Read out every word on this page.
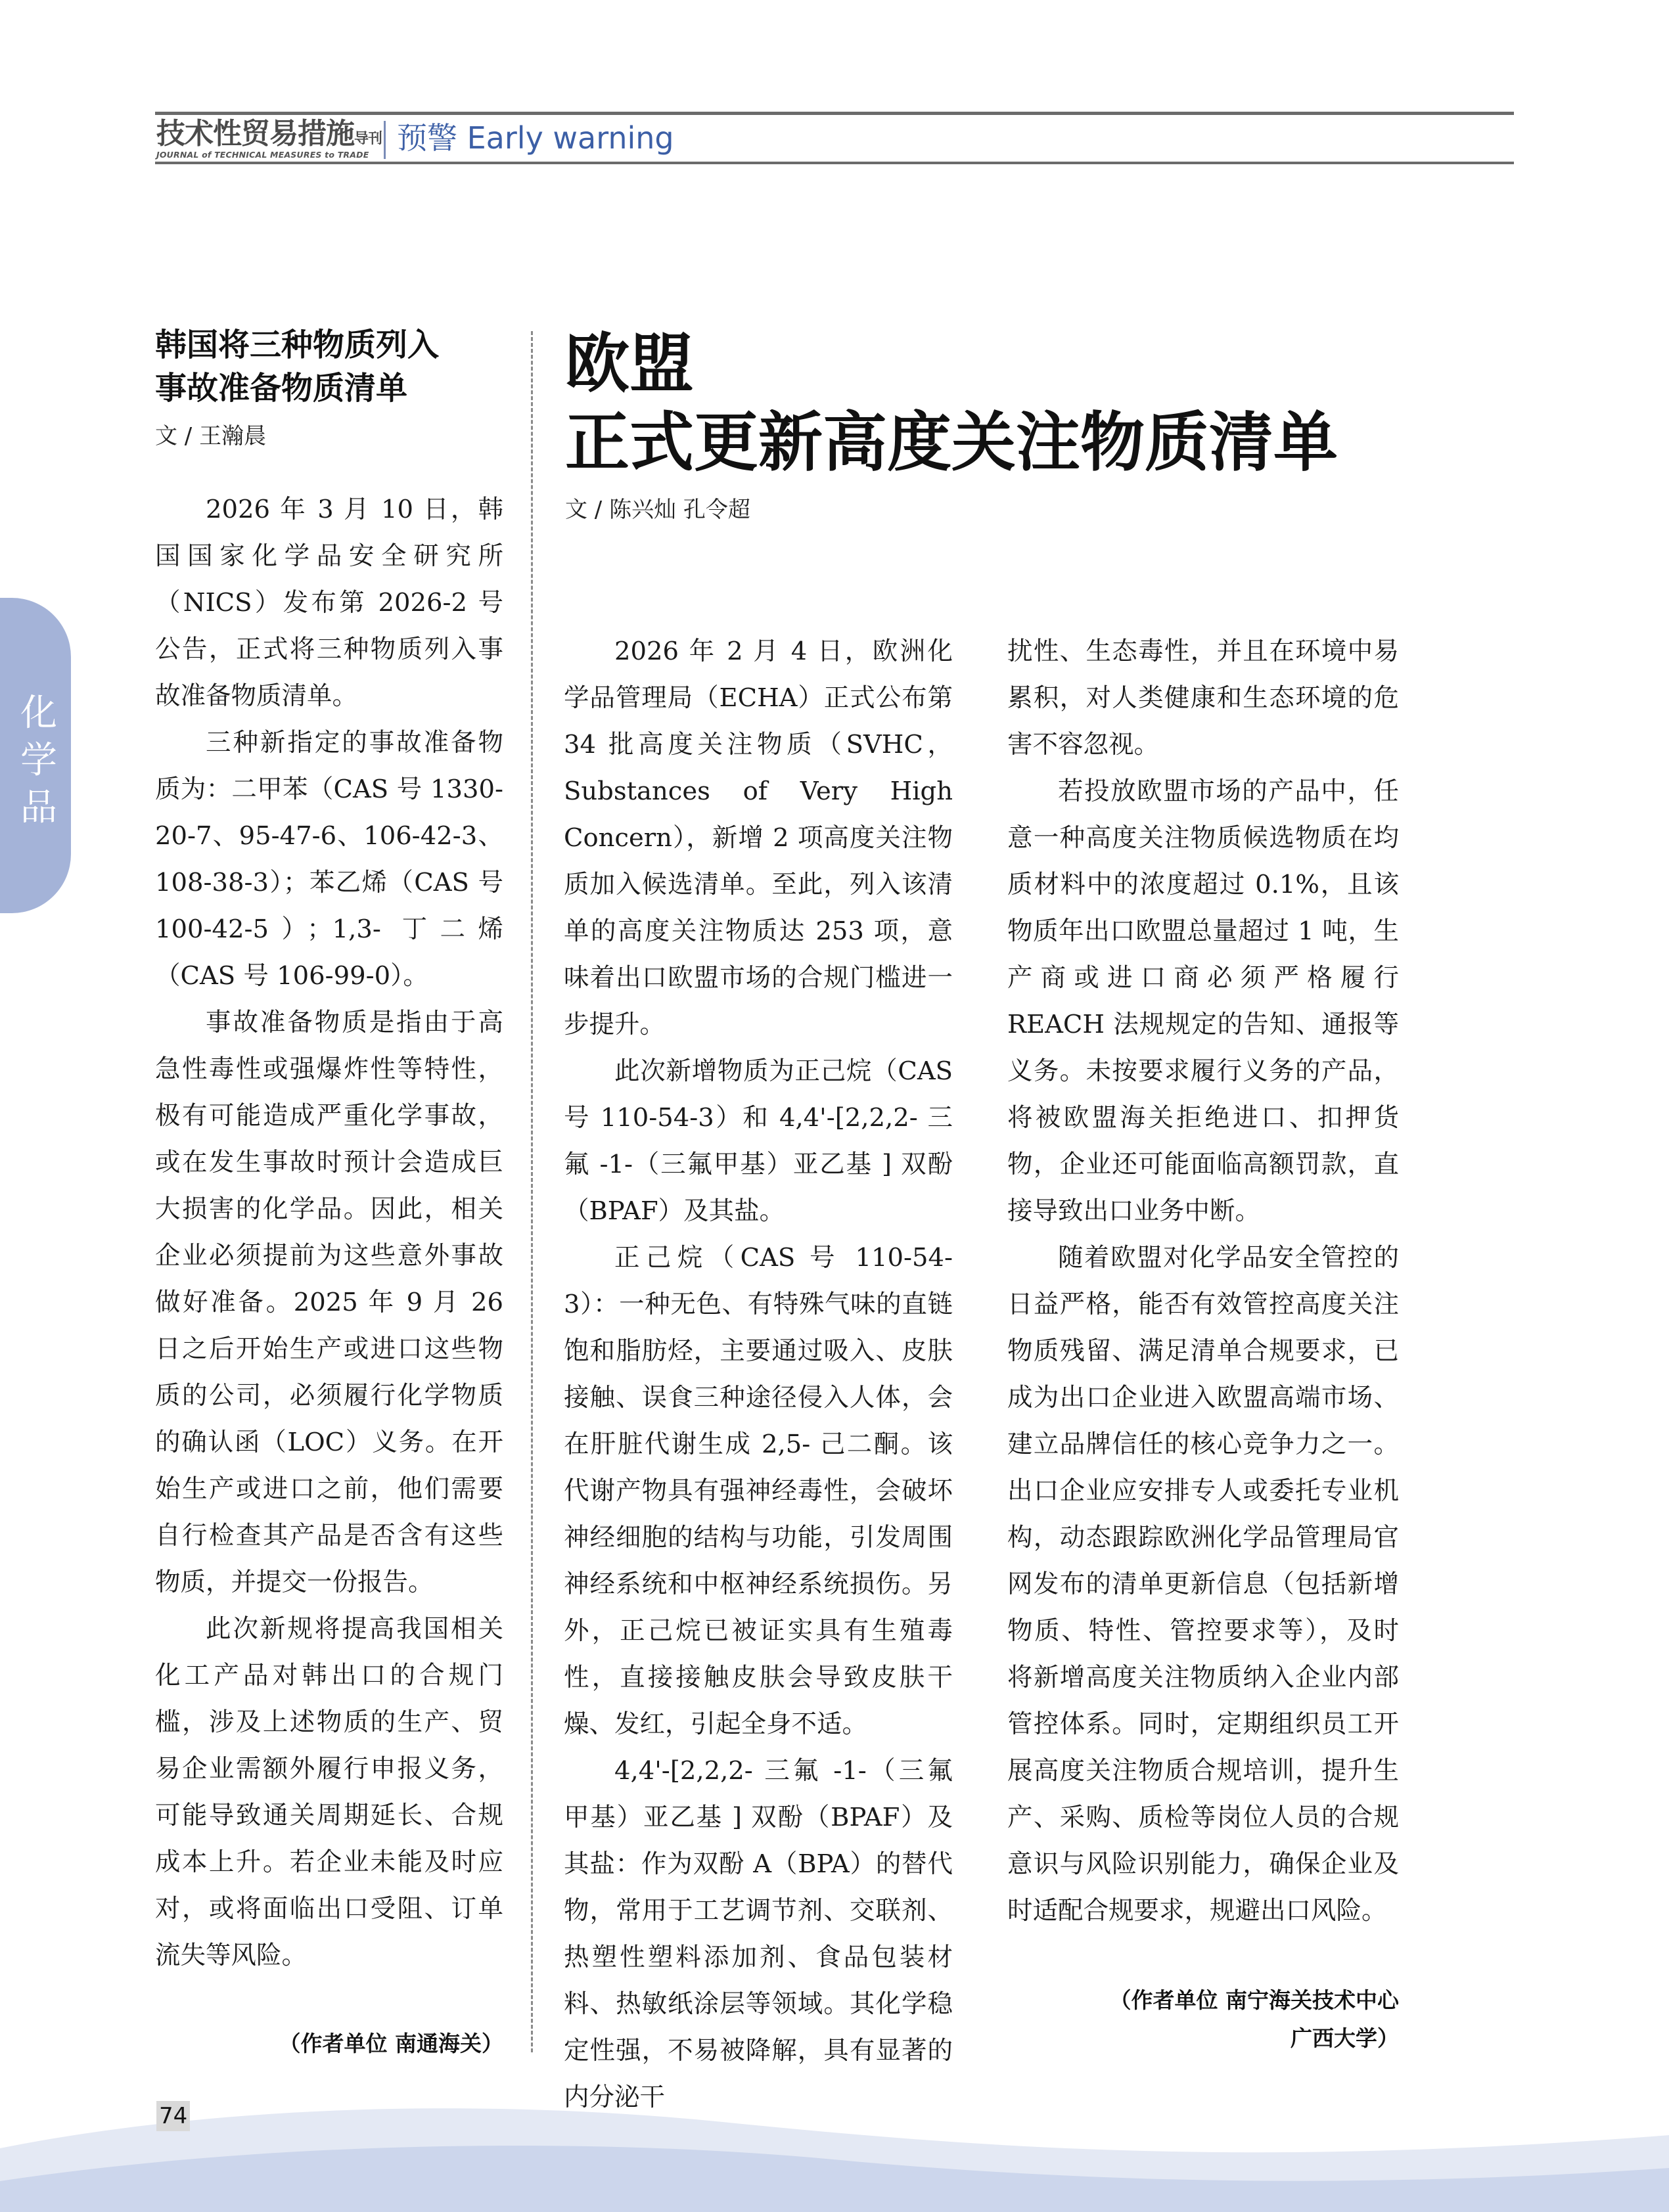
技术性贸易措施导刊
JOURNAL of TECHNICAL MEASURES to TRADE 预警 Early warning
化
学
品
韩国将三种物质列入
事故准备物质清单
文 / 王瀚晨

2026 年 3 月 10 日，韩国国家化学品安全研究所（NICS）发布第 2026-2 号公告，正式将三种物质列入事故准备物质清单。

三种新指定的事故准备物质为：二甲苯（CAS 号 1330-20-7、95-47-6、106-42-3、108-38-3）；苯乙烯（CAS 号 100-42-5）；1,3- 丁二烯（CAS 号 106-99-0）。

事故准备物质是指由于高急性毒性或强爆炸性等特性，极有可能造成严重化学事故，或在发生事故时预计会造成巨大损害的化学品。因此，相关企业必须提前为这些意外事故做好准备。2025 年 9 月 26 日之后开始生产或进口这些物质的公司，必须履行化学物质的确认函（LOC）义务。在开始生产或进口之前，他们需要自行检查其产品是否含有这些物质，并提交一份报告。

此次新规将提高我国相关化工产品对韩出口的合规门槛，涉及上述物质的生产、贸易企业需额外履行申报义务，可能导致通关周期延长、合规成本上升。若企业未能及时应对，或将面临出口受阻、订单流失等风险。

（作者单位 南通海关）
欧盟
正式更新高度关注物质清单
文 / 陈兴灿 孔令超

2026 年 2 月 4 日，欧洲化学品管理局（ECHA）正式公布第 34 批高度关注物质（SVHC，Substances of Very High Concern），新增 2 项高度关注物质加入候选清单。至此，列入该清单的高度关注物质达 253 项，意味着出口欧盟市场的合规门槛进一步提升。

此次新增物质为正己烷（CAS 号 110-54-3）和 4,4'-[2,2,2- 三氟 -1-（三氟甲基）亚乙基 ] 双酚（BPAF）及其盐。

正己烷（CAS 号 110-54-3）：一种无色、有特殊气味的直链饱和脂肪烃，主要通过吸入、皮肤接触、误食三种途径侵入人体，会在肝脏代谢生成 2,5- 己二酮。该代谢产物具有强神经毒性，会破坏神经细胞的结构与功能，引发周围神经系统和中枢神经系统损伤。另外，正己烷已被证实具有生殖毒性，直接接触皮肤会导致皮肤干燥、发红，引起全身不适。

4,4'-[2,2,2- 三氟 -1-（三氟甲基）亚乙基 ] 双酚（BPAF）及其盐：作为双酚 A（BPA）的替代物，常用于工艺调节剂、交联剂、热塑性塑料添加剂、食品包装材料、热敏纸涂层等领域。其化学稳定性强，不易被降解，具有显著的内分泌干

扰性、生态毒性，并且在环境中易累积，对人类健康和生态环境的危害不容忽视。

若投放欧盟市场的产品中，任意一种高度关注物质候选物质在均质材料中的浓度超过 0.1%，且该物质年出口欧盟总量超过 1 吨，生产商或进口商必须严格履行 REACH 法规规定的告知、通报等义务。未按要求履行义务的产品，将被欧盟海关拒绝进口、扣押货物，企业还可能面临高额罚款，直接导致出口业务中断。

随着欧盟对化学品安全管控的日益严格，能否有效管控高度关注物质残留、满足清单合规要求，已成为出口企业进入欧盟高端市场、建立品牌信任的核心竞争力之一。出口企业应安排专人或委托专业机构，动态跟踪欧洲化学品管理局官网发布的清单更新信息（包括新增物质、特性、管控要求等），及时将新增高度关注物质纳入企业内部管控体系。同时，定期组织员工开展高度关注物质合规培训，提升生产、采购、质检等岗位人员的合规意识与风险识别能力，确保企业及时适配合规要求，规避出口风险。

（作者单位 南宁海关技术中心
广西大学）
74
